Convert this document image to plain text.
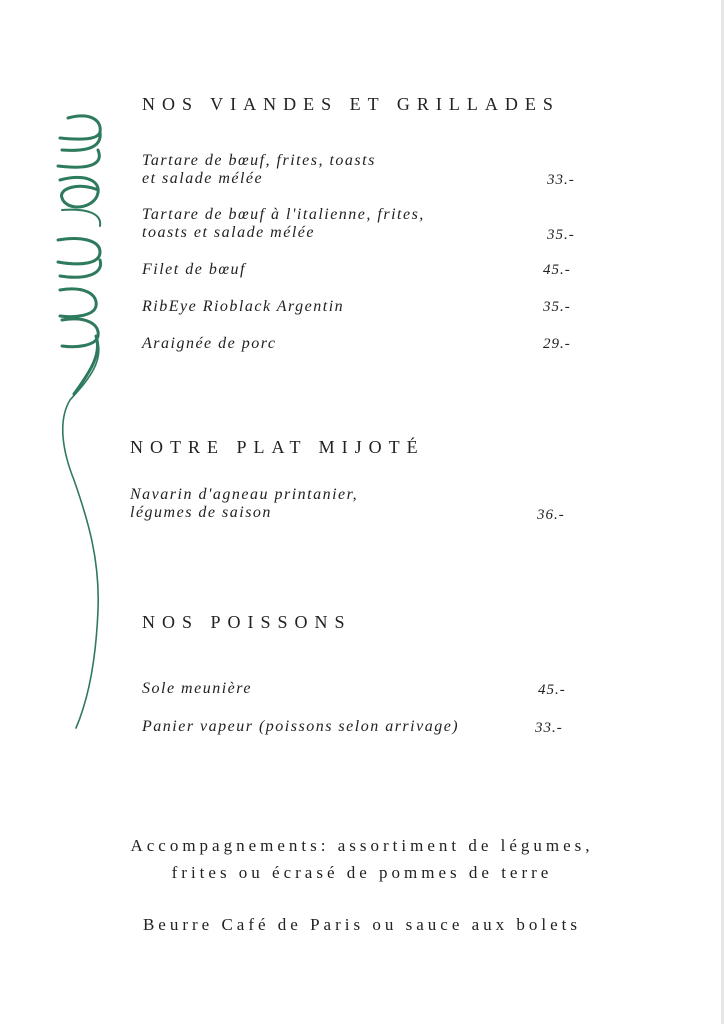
NOS VIANDES ET GRILLADES
Tartare de bœuf, frites, toasts
et salade mélée	33.-
Tartare de bœuf à l'italienne, frites,
toasts et salade mélée	35.-
Filet de bœuf	45.-
RibEye Rioblack Argentin	35.-
Araignée de porc	29.-
NOTRE PLAT MIJOTÉ
Navarin d'agneau printanier,
légumes de saison	36.-
NOS POISSONS
Sole meunière	45.-
Panier vapeur (poissons selon arrivage)	33.-
Accompagnements: assortiment de légumes,
frites ou écrasé de pommes de terre
Beurre Café de Paris ou sauce aux bolets
